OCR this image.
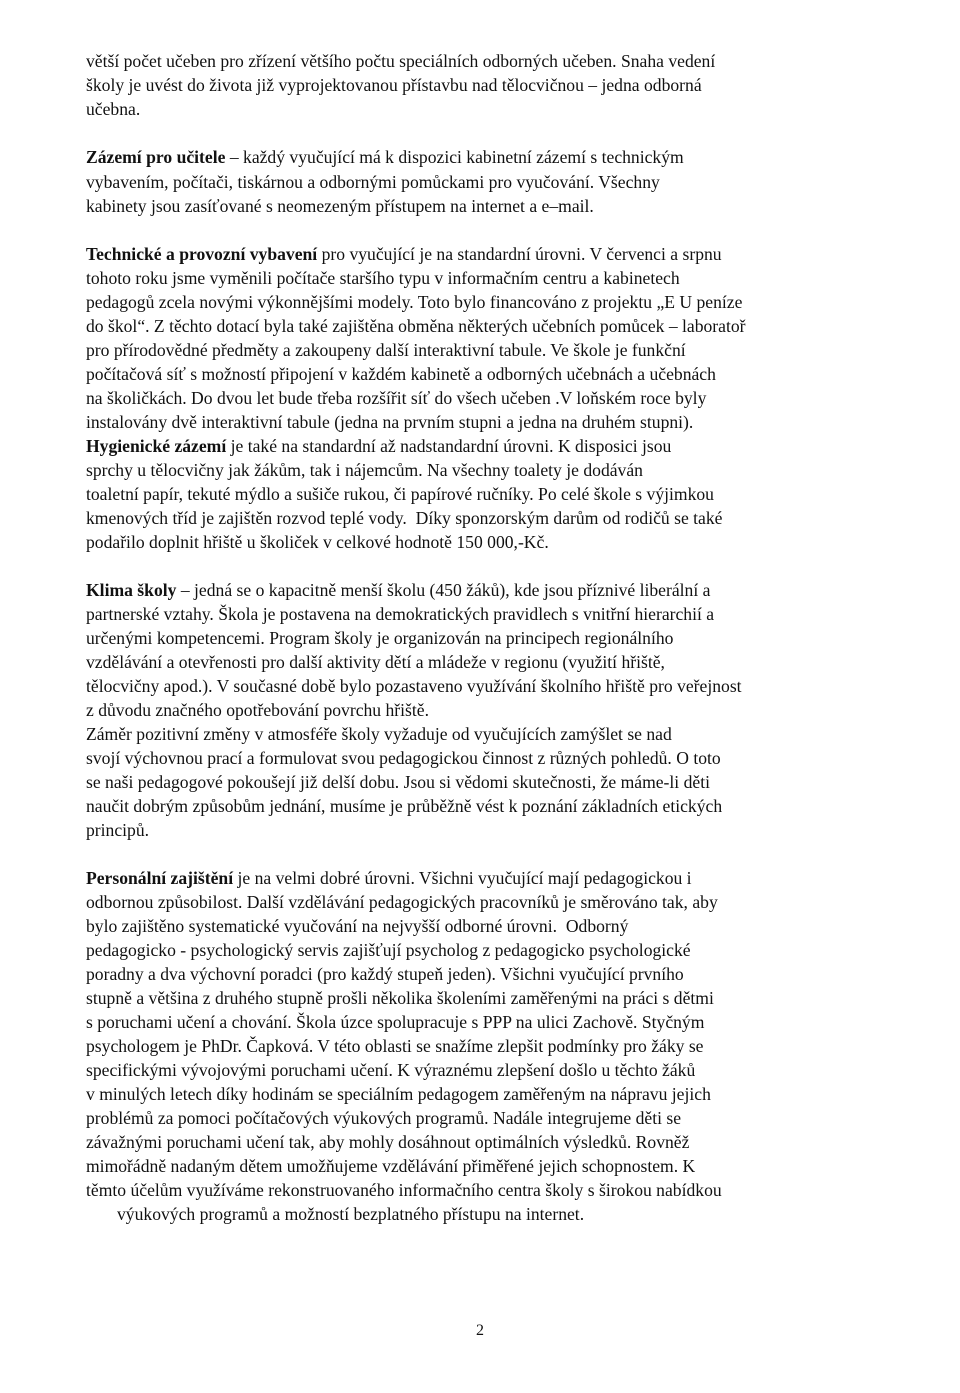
větší počet učeben pro zřízení většího počtu speciálních odborných učeben. Snaha vedení
školy je uvést do života již vyprojektovanou přístavbu nad tělocvičnou – jedna odborná
učebna.
Zázemí pro učitele – každý vyučující má k dispozici kabinetní zázemí s technickým
vybavením, počítači, tiskárnou a odbornými pomůckami pro vyučování. Všechny
kabinety jsou zasíťované s neomezeným přístupem na internet a e–mail.
Technické a provozní vybavení pro vyučující je na standardní úrovni. V červenci a srpnu
tohoto roku jsme vyměnili počítače staršího typu v informačním centru a kabinetech
pedagogů zcela novými výkonnějšími modely. Toto bylo financováno z projektu „E U peníze
do škol“. Z těchto dotací byla také zajištěna obměna některých učebních pomůcek – laboratoř
pro přírodovědné předměty a zakoupeny další interaktivní tabule. Ve škole je funkční
počítačová síť s možností připojení v každém kabinetě a odborných učebnách a učebnách
na školičkách. Do dvou let bude třeba rozšířit síť do všech učeben .V loňském roce byly
instalovány dvě interaktivní tabule (jedna na prvním stupni a jedna na druhém stupni).
Hygienické zázemí je také na standardní až nadstandardní úrovni. K disposici jsou
sprchy u tělocvičny jak žákům, tak i nájemcům. Na všechny toalety je dodáván
toaletní papír, tekuté mýdlo a sušiče rukou, či papírové ručníky. Po celé škole s výjimkou
kmenových tříd je zajištěn rozvod teplé vody.  Díky sponzorským darům od rodičů se také
podařilo doplnit hřiště u školiček v celkové hodnotě 150 000,-Kč.
Klima školy – jedná se o kapacitně menší školu (450 žáků), kde jsou příznivé liberální a
partnerské vztahy. Škola je postavena na demokratických pravidlech s vnitřní hierarchií a
určenými kompetencemi. Program školy je organizován na principech regionálního
vzdělávání a otevřenosti pro další aktivity dětí a mládeže v regionu (využití hřiště,
tělocvičny apod.). V současné době bylo pozastaveno využívání školního hřiště pro veřejnost
z důvodu značného opotřebování povrchu hřiště.
Záměr pozitivní změny v atmosféře školy vyžaduje od vyučujících zamýšlet se nad
svojí výchovnou prací a formulovat svou pedagogickou činnost z různých pohledů. O toto
se naši pedagogové pokoušejí již delší dobu. Jsou si vědomi skutečnosti, že máme-li děti
naučit dobrým způsobům jednání, musíme je průběžně vést k poznání základních etických
principů.
Personální zajištění je na velmi dobré úrovni. Všichni vyučující mají pedagogickou i
odbornou způsobilost. Další vzdělávání pedagogických pracovníků je směrováno tak, aby
bylo zajištěno systematické vyučování na nejvyšší odborné úrovni.  Odborný
pedagogicko - psychologický servis zajišťují psycholog z pedagogicko psychologické
poradny a dva výchovní poradci (pro každý stupeň jeden). Všichni vyučující prvního
stupně a většina z druhého stupně prošli několika školeními zaměřenými na práci s dětmi
s poruchami učení a chování. Škola úzce spolupracuje s PPP na ulici Zachově. Styčným
psychologem je PhDr. Čapková. V této oblasti se snažíme zlepšit podmínky pro žáky se
specifickými vývojovými poruchami učení. K výraznému zlepšení došlo u těchto žáků
v minulých letech díky hodinám se speciálním pedagogem zaměřeným na nápravu jejich
problémů za pomoci počítačových výukových programů. Nadále integrujeme děti se
závažnými poruchami učení tak, aby mohly dosáhnout optimálních výsledků. Rovněž
mimořádně nadaným dětem umožňujeme vzdělávání přiměřené jejich schopnostem. K
těmto účelům využíváme rekonstruovaného informačního centra školy s širokou nabídkou
výukových programů a možností bezplatného přístupu na internet.
2
